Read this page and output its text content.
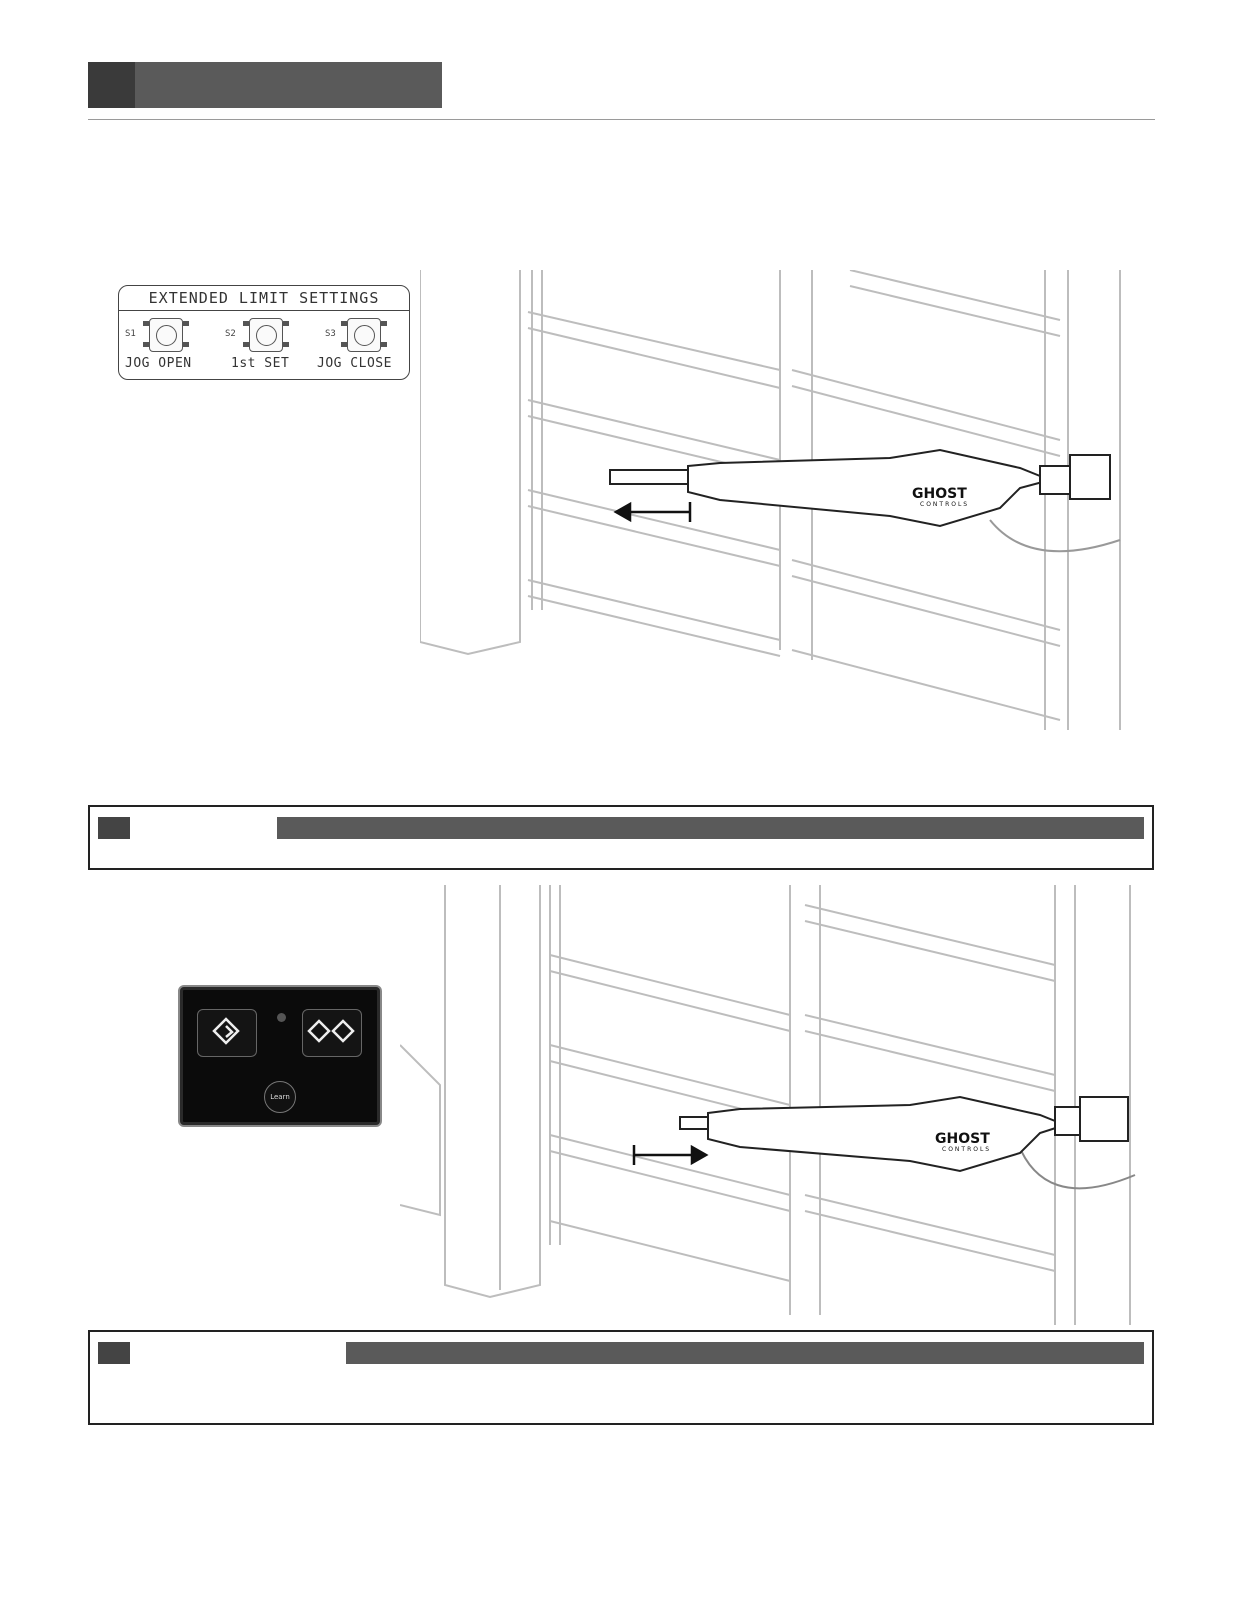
EXTENDED LIMIT SETTINGS
S1
JOG OPEN
S2
1st SET
S3
JOG CLOSE
GHOST
CONTROLS
Learn
GHOST
CONTROLS
